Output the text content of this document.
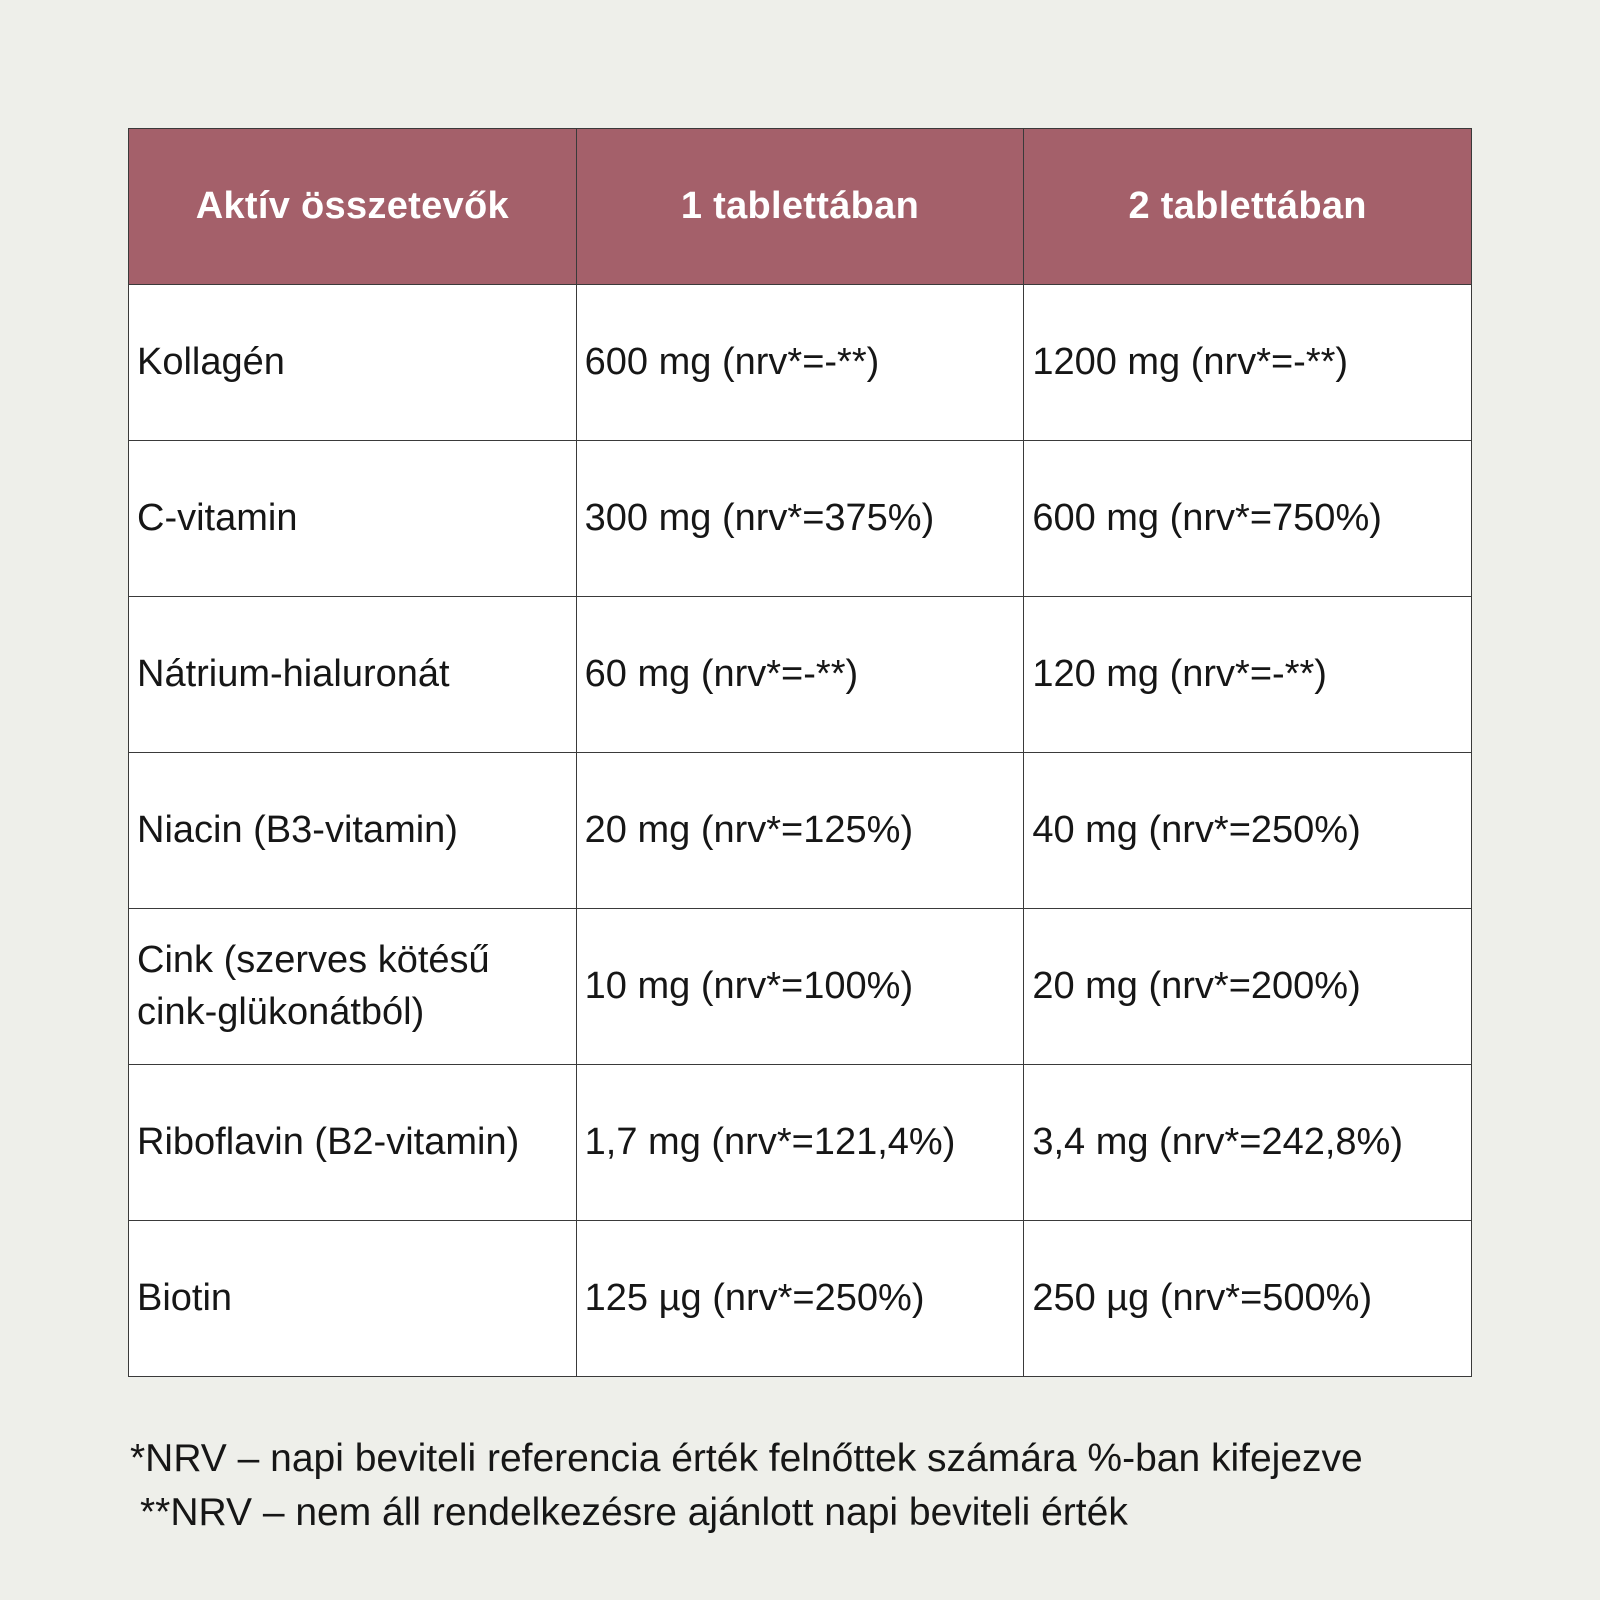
Aktív összetevők	1 tablettában	2 tablettában
Kollagén	600 mg (nrv*=-**)	1200 mg (nrv*=-**)
C-vitamin	300 mg (nrv*=375%)	600 mg (nrv*=750%)
Nátrium-hialuronát	60 mg (nrv*=-**)	120 mg (nrv*=-**)
Niacin (B3-vitamin)	20 mg (nrv*=125%)	40 mg (nrv*=250%)
Cink (szerves kötésű cink-glükonátból)	10 mg (nrv*=100%)	20 mg (nrv*=200%)
Riboflavin (B2-vitamin)	1,7 mg (nrv*=121,4%)	3,4 mg (nrv*=242,8%)
Biotin	125 µg (nrv*=250%)	250 µg (nrv*=500%)
*NRV – napi beviteli referencia érték felnőttek számára %-ban kifejezve
**NRV – nem áll rendelkezésre ajánlott napi beviteli érték
